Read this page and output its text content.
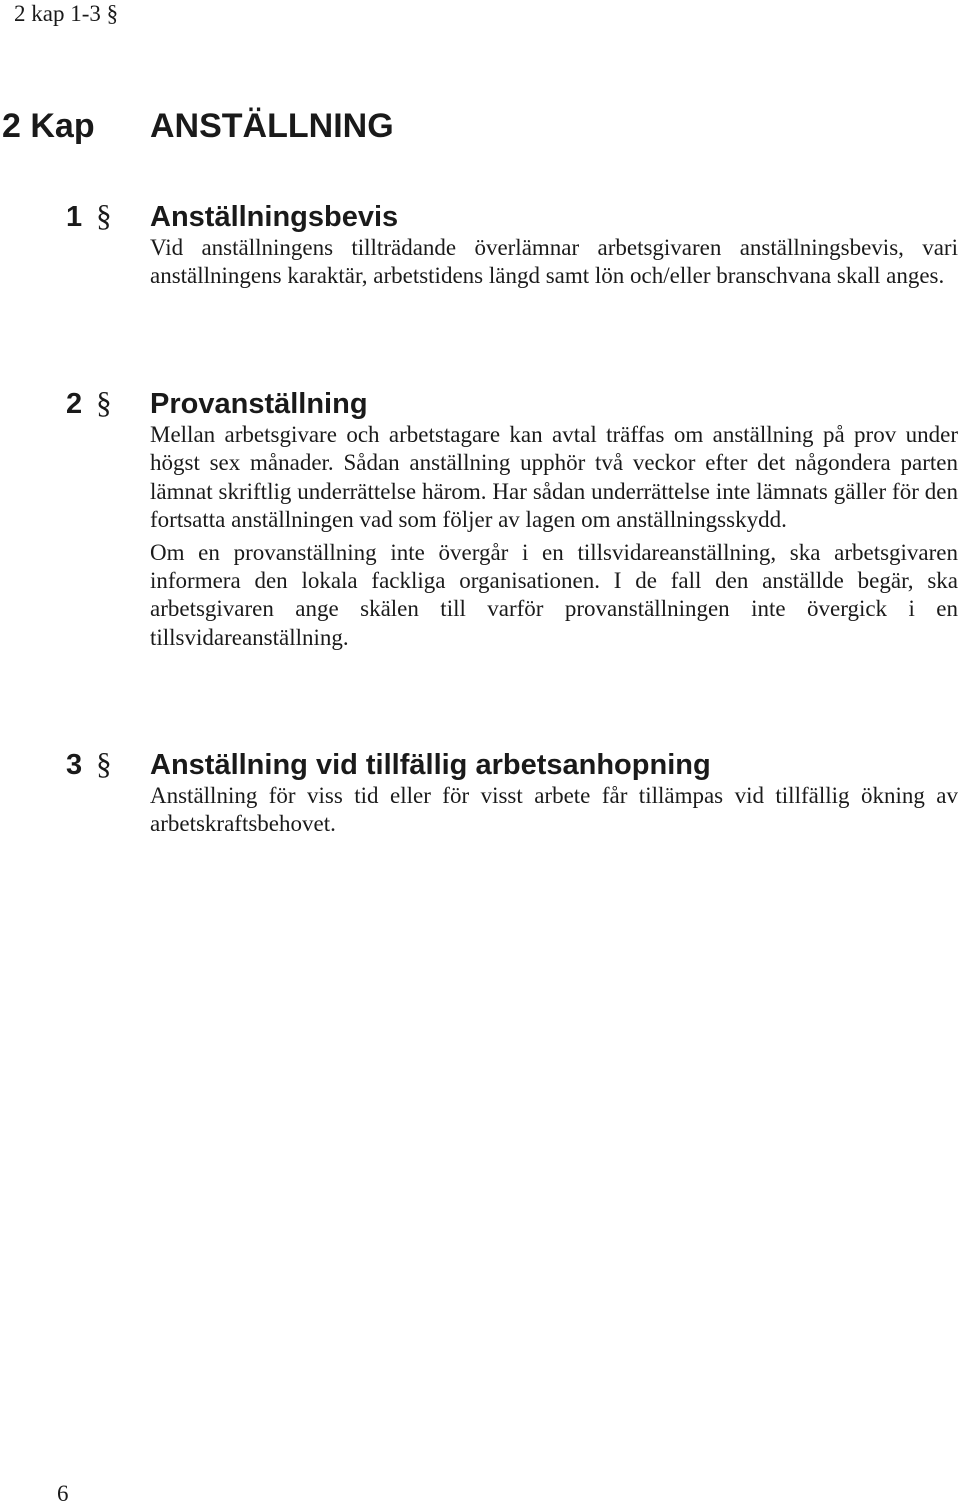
2 kap 1-3 §
2 Kap ANSTÄLLNING
1 §	Anställningsbevis

Vid anställningens tillträdande överlämnar arbetsgivaren anställningsbevis, vari anställningens karaktär, arbetstidens längd samt lön och/eller branschvana skall anges.

2 §	Provanställning

Mellan arbetsgivare och arbetstagare kan avtal träffas om anställning på prov under högst sex månader. Sådan anställning upphör två veckor efter det någondera parten lämnat skriftlig underrättelse härom. Har sådan underrättelse inte lämnats gäller för den fortsatta anställningen vad som följer av lagen om anställningsskydd.

Om en provanställning inte övergår i en tillsvidareanställning, ska arbetsgivaren informera den lokala fackliga organisationen. I de fall den anställde begär, ska arbetsgivaren ange skälen till varför provanställningen inte övergick i en tillsvidareanställning.

3 §	Anställning vid tillfällig arbetsanhopning

Anställning för viss tid eller för visst arbete får tillämpas vid tillfällig ökning av arbetskraftsbehovet.

6
